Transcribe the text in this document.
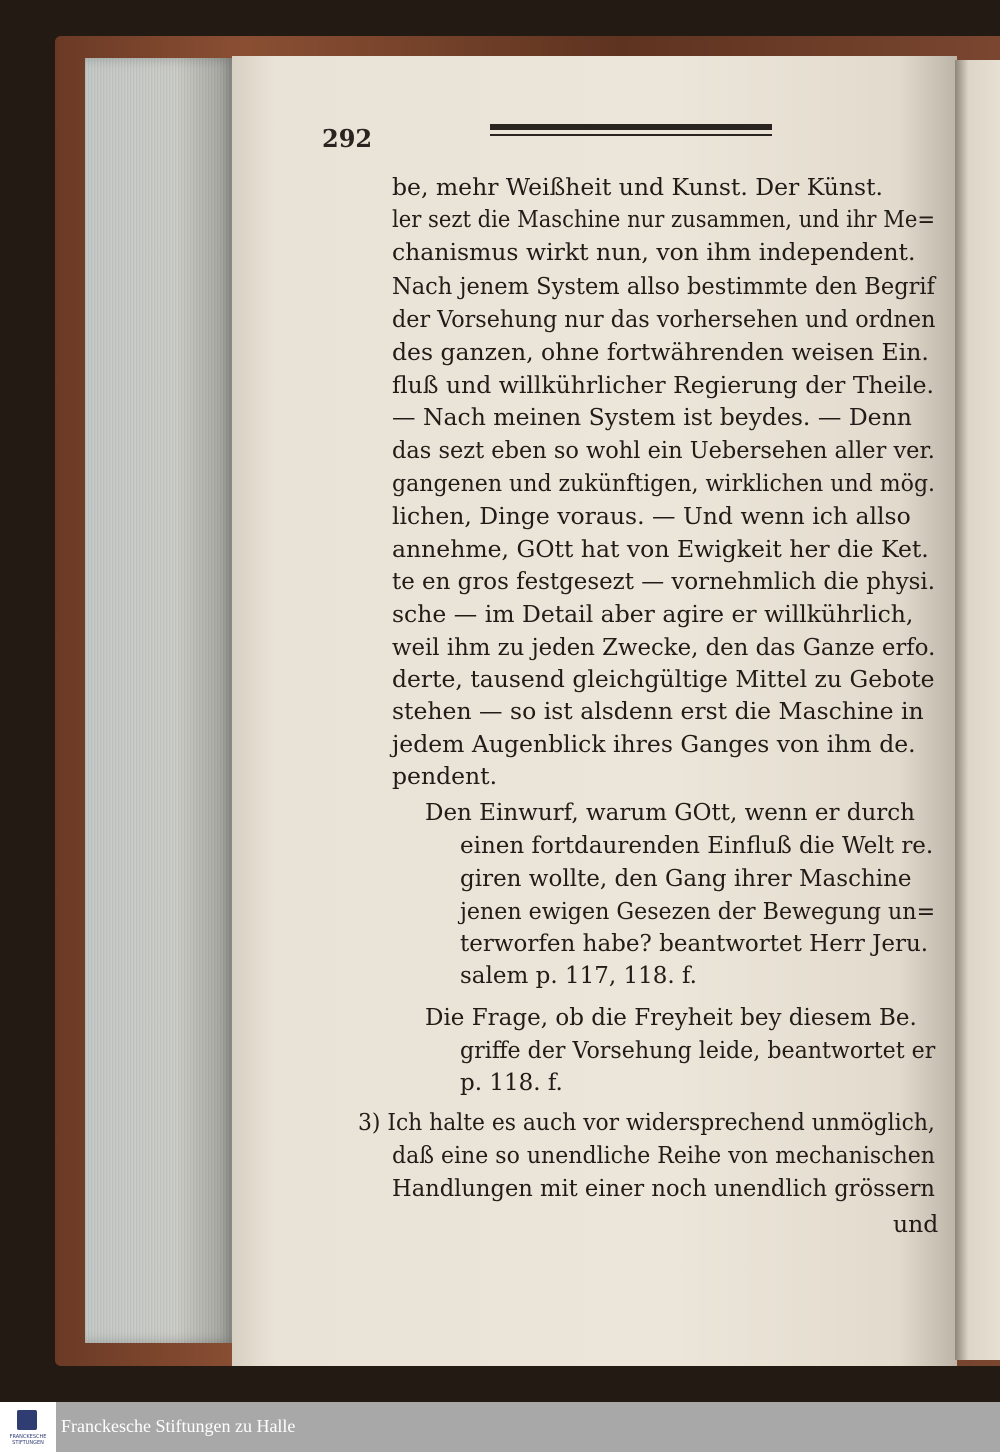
292
be, mehr Weißheit und Kunst. Der Künst.
ler sezt die Maschine nur zusammen, und ihr Me=
chanismus wirkt nun, von ihm independent.
Nach jenem System allso bestimmte den Begrif
der Vorsehung nur das vorhersehen und ordnen
des ganzen, ohne fortwährenden weisen Ein.
fluß und willkührlicher Regierung der Theile.
— Nach meinen System ist beydes. — Denn
das sezt eben so wohl ein Uebersehen aller ver.
gangenen und zukünftigen, wirklichen und mög.
lichen, Dinge voraus. — Und wenn ich allso
annehme, GOtt hat von Ewigkeit her die Ket.
te en gros festgesezt — vornehmlich die physi.
sche — im Detail aber agire er willkührlich,
weil ihm zu jeden Zwecke, den das Ganze erfo.
derte, tausend gleichgültige Mittel zu Gebote
stehen — so ist alsdenn erst die Maschine in
jedem Augenblick ihres Ganges von ihm de.
pendent.
Den Einwurf, warum GOtt, wenn er durch
einen fortdaurenden Einfluß die Welt re.
giren wollte, den Gang ihrer Maschine
jenen ewigen Gesezen der Bewegung un=
terworfen habe? beantwortet Herr Jeru.
salem p. 117, 118. f.
Die Frage, ob die Freyheit bey diesem Be.
griffe der Vorsehung leide, beantwortet er
p. 118. f.
3) Ich halte es auch vor widersprechend unmöglich,
daß eine so unendliche Reihe von mechanischen
Handlungen mit einer noch unendlich grössern
und
FRANCKESCHE STIFTUNGEN
Franckesche Stiftungen zu Halle
